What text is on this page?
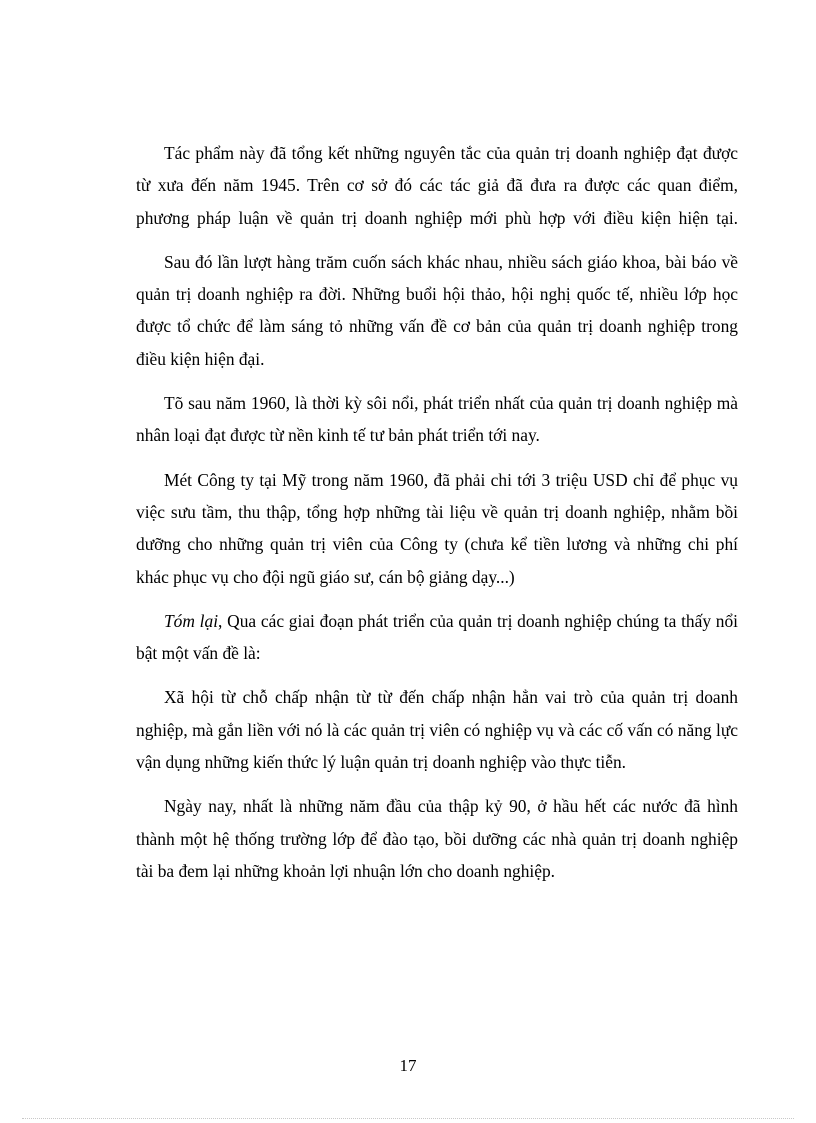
Tác phẩm này đã tổng kết những nguyên tắc của quản trị doanh nghiệp đạt được từ xưa đến năm 1945. Trên cơ sở đó các tác giả đã đưa ra được các quan điểm, phương pháp luận về quản trị doanh nghiệp mới phù hợp với điều kiện hiện tại.

Sau đó lần lượt hàng trăm cuốn sách khác nhau, nhiều sách giáo khoa, bài báo về quản trị doanh nghiệp ra đời. Những buổi hội thảo, hội nghị quốc tế, nhiều lớp học được tổ chức để làm sáng tỏ những vấn đề cơ bản của quản trị doanh nghiệp trong điều kiện hiện đại.

Tõ sau năm 1960, là thời kỳ sôi nổi, phát triển nhất của quản trị doanh nghiệp mà nhân loại đạt được từ nền kinh tế tư bản phát triển tới nay.

Mét Công ty tại Mỹ trong năm 1960, đã phải chi tới 3 triệu USD chỉ để phục vụ việc sưu tầm, thu thập, tổng hợp những tài liệu về quản trị doanh nghiệp, nhằm bồi dưỡng cho những quản trị viên của Công ty (chưa kể tiền lương và những chi phí khác phục vụ cho đội ngũ giáo sư, cán bộ giảng dạy...)

Tóm lại, Qua các giai đoạn phát triển của quản trị doanh nghiệp chúng ta thấy nổi bật một vấn đề là:

Xã hội từ chỗ chấp nhận từ từ đến chấp nhận hẳn vai trò của quản trị doanh nghiệp, mà gắn liền với nó là các quản trị viên có nghiệp vụ và các cố vấn có năng lực vận dụng những kiến thức lý luận quản trị doanh nghiệp vào thực tiễn.

Ngày nay, nhất là những năm đầu của thập kỷ 90, ở hầu hết các nước đã hình thành một hệ thống trường lớp để đào tạo, bồi dưỡng các nhà quản trị doanh nghiệp tài ba đem lại những khoản lợi nhuận lớn cho doanh nghiệp.

17
